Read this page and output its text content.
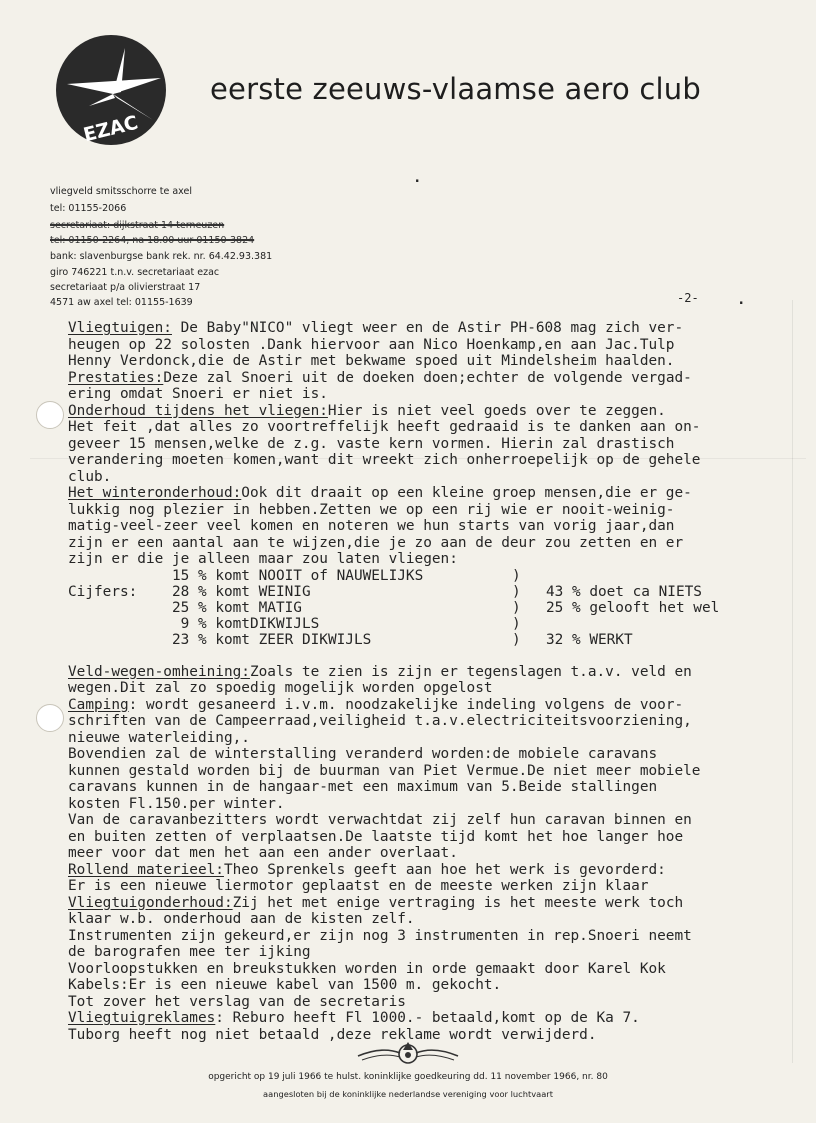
EZAC
eerste zeeuws-vlaamse aero club
vliegveld smitsschorre te axel
tel: 01155-2066
secretariaat: dijkstraat 14 terneuzen
tel: 01150-2264, na 18.00 uur 01150-3824
bank: slavenburgse bank rek. nr. 64.42.93.381
giro 746221 t.n.v. secretariaat ezac
secretariaat p/a olivierstraat 17
4571 aw axel tel: 01155-1639
.
.
-2-
Vliegtuigen: De Baby"NICO" vliegt weer en de Astir PH-608 mag zich ver-
heugen op 22 solosten .Dank hiervoor aan Nico Hoenkamp,en aan Jac.Tulp
Henny Verdonck,die de Astir met bekwame spoed uit Mindelsheim haalden.
Prestaties:Deze zal Snoeri uit de doeken doen;echter de volgende vergad-
ering omdat Snoeri er niet is.
Onderhoud tijdens het vliegen:Hier is niet veel goeds over te zeggen.
Het feit ,dat alles zo voortreffelijk heeft gedraaid is te danken aan on-
geveer 15 mensen,welke de z.g. vaste kern vormen. Hierin zal drastisch
verandering moeten komen,want dit wreekt zich onherroepelijk op de gehele
club.
Het winteronderhoud:Ook dit draait op een kleine groep mensen,die er ge-
lukkig nog plezier in hebben.Zetten we op een rij wie er nooit-weinig-
matig-veel-zeer veel komen en noteren we hun starts van vorig jaar,dan
zijn er een aantal aan te wijzen,die je zo aan de deur zou zetten en er
zijn er die je alleen maar zou laten vliegen:
Cijfers:
15 % komt NOOIT of NAUWELIJKS
28 % komt WEINIG
25 % komt MATIG
9 % komtDIKWIJLS
23 % komt ZEER DIKWIJLS
)
)
)
)
)
43 % doet ca NIETS
25 % gelooft het wel
32 % WERKT
Veld-wegen-omheining:Zoals te zien is zijn er tegenslagen t.a.v. veld en
wegen.Dit zal zo spoedig mogelijk worden opgelost
Camping: wordt gesaneerd i.v.m. noodzakelijke indeling volgens de voor-
schriften van de Campeerraad,veiligheid t.a.v.electriciteitsvoorziening,
nieuwe waterleiding,.
Bovendien zal de winterstalling veranderd worden:de mobiele caravans
kunnen gestald worden bij de buurman van Piet Vermue.De niet meer mobiele
caravans kunnen in de hangaar-met een maximum van 5.Beide stallingen
kosten Fl.150.per winter.
Van de caravanbezitters wordt verwachtdat zij zelf hun caravan binnen en
en buiten zetten of verplaatsen.De laatste tijd komt het hoe langer hoe
meer voor dat men het aan een ander overlaat.
Rollend materieel:Theo Sprenkels geeft aan hoe het werk is gevorderd:
Er is een nieuwe liermotor geplaatst en de meeste werken zijn klaar
Vliegtuigonderhoud:Zij het met enige vertraging is het meeste werk toch
klaar w.b. onderhoud aan de kisten zelf.
Instrumenten zijn gekeurd,er zijn nog 3 instrumenten in rep.Snoeri neemt
de barografen mee ter ijking
Voorloopstukken en breukstukken worden in orde gemaakt door Karel Kok
Kabels:Er is een nieuwe kabel van 1500 m. gekocht.
Tot zover het verslag van de secretaris
Vliegtuigreklames: Reburo heeft Fl 1000.- betaald,komt op de Ka 7.
Tuborg heeft nog niet betaald ,deze reklame wordt verwijderd.
opgericht op 19 juli 1966 te hulst. koninklijke goedkeuring dd. 11 november 1966, nr. 80
aangesloten bij de koninklijke nederlandse vereniging voor luchtvaart
